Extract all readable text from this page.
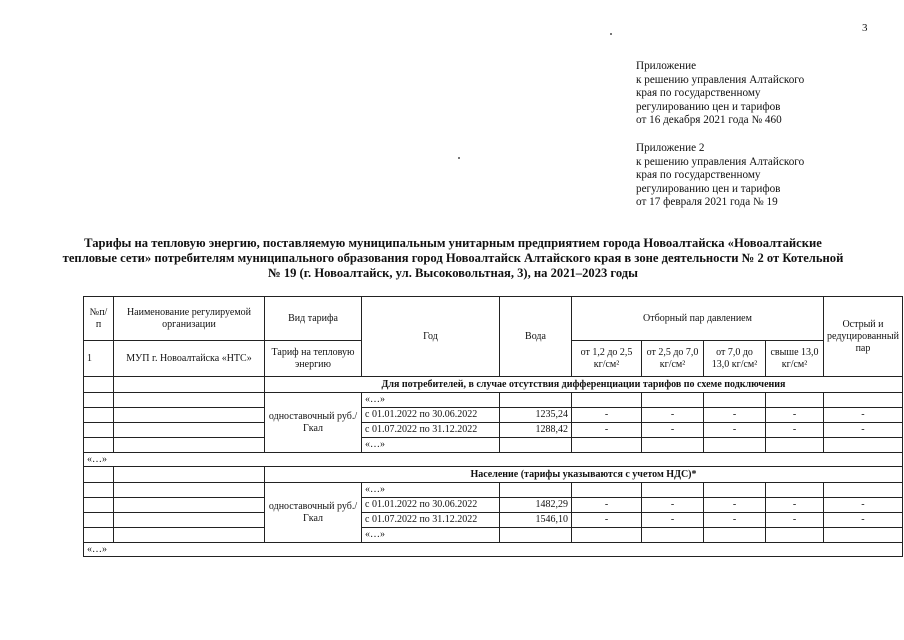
3
Приложение
к решению управления Алтайского
края по государственному
регулированию цен и тарифов
от 16 декабря 2021 года № 460
Приложение 2
к решению управления Алтайского
края по государственному
регулированию цен и тарифов
от 17 февраля 2021 года № 19
Тарифы на тепловую энергию, поставляемую муниципальным унитарным предприятием города Новоалтайска «Новоалтайские тепловые сети» потребителям муниципального образования город Новоалтайск Алтайского края в зоне деятельности № 2 от Котельной № 19 (г. Новоалтайск, ул. Высоковольтная, 3), на 2021–2023 годы
№п/п	Наименование регулируемой организации	Вид тарифа	Год	Вода	Отборный пар давлением				Острый и редуцированный пар
1	МУП г. Новоалтайска «НТС»	Тариф на тепловую энергию			от 1,2 до 2,5 кг/см²	от 2,5 до 7,0 кг/см²	от 7,0 до 13,0 кг/см²	свыше 13,0 кг/см²	
		Для потребителей, в случае отсутствия дифференциации тарифов по схеме подключения							
		одноставочный руб./Гкал	«…»						
			с 01.01.2022 по 30.06.2022	1235,24	-	-	-	-	-
			с 01.07.2022 по 31.12.2022	1288,42	-	-	-	-	-
			«…»						
«…»									
		Население (тарифы указываются с учетом НДС)*							
		одноставочный руб./Гкал	«…»						
			с 01.01.2022 по 30.06.2022	1482,29	-	-	-	-	-
			с 01.07.2022 по 31.12.2022	1546,10	-	-	-	-	-
			«…»						
«…»									
